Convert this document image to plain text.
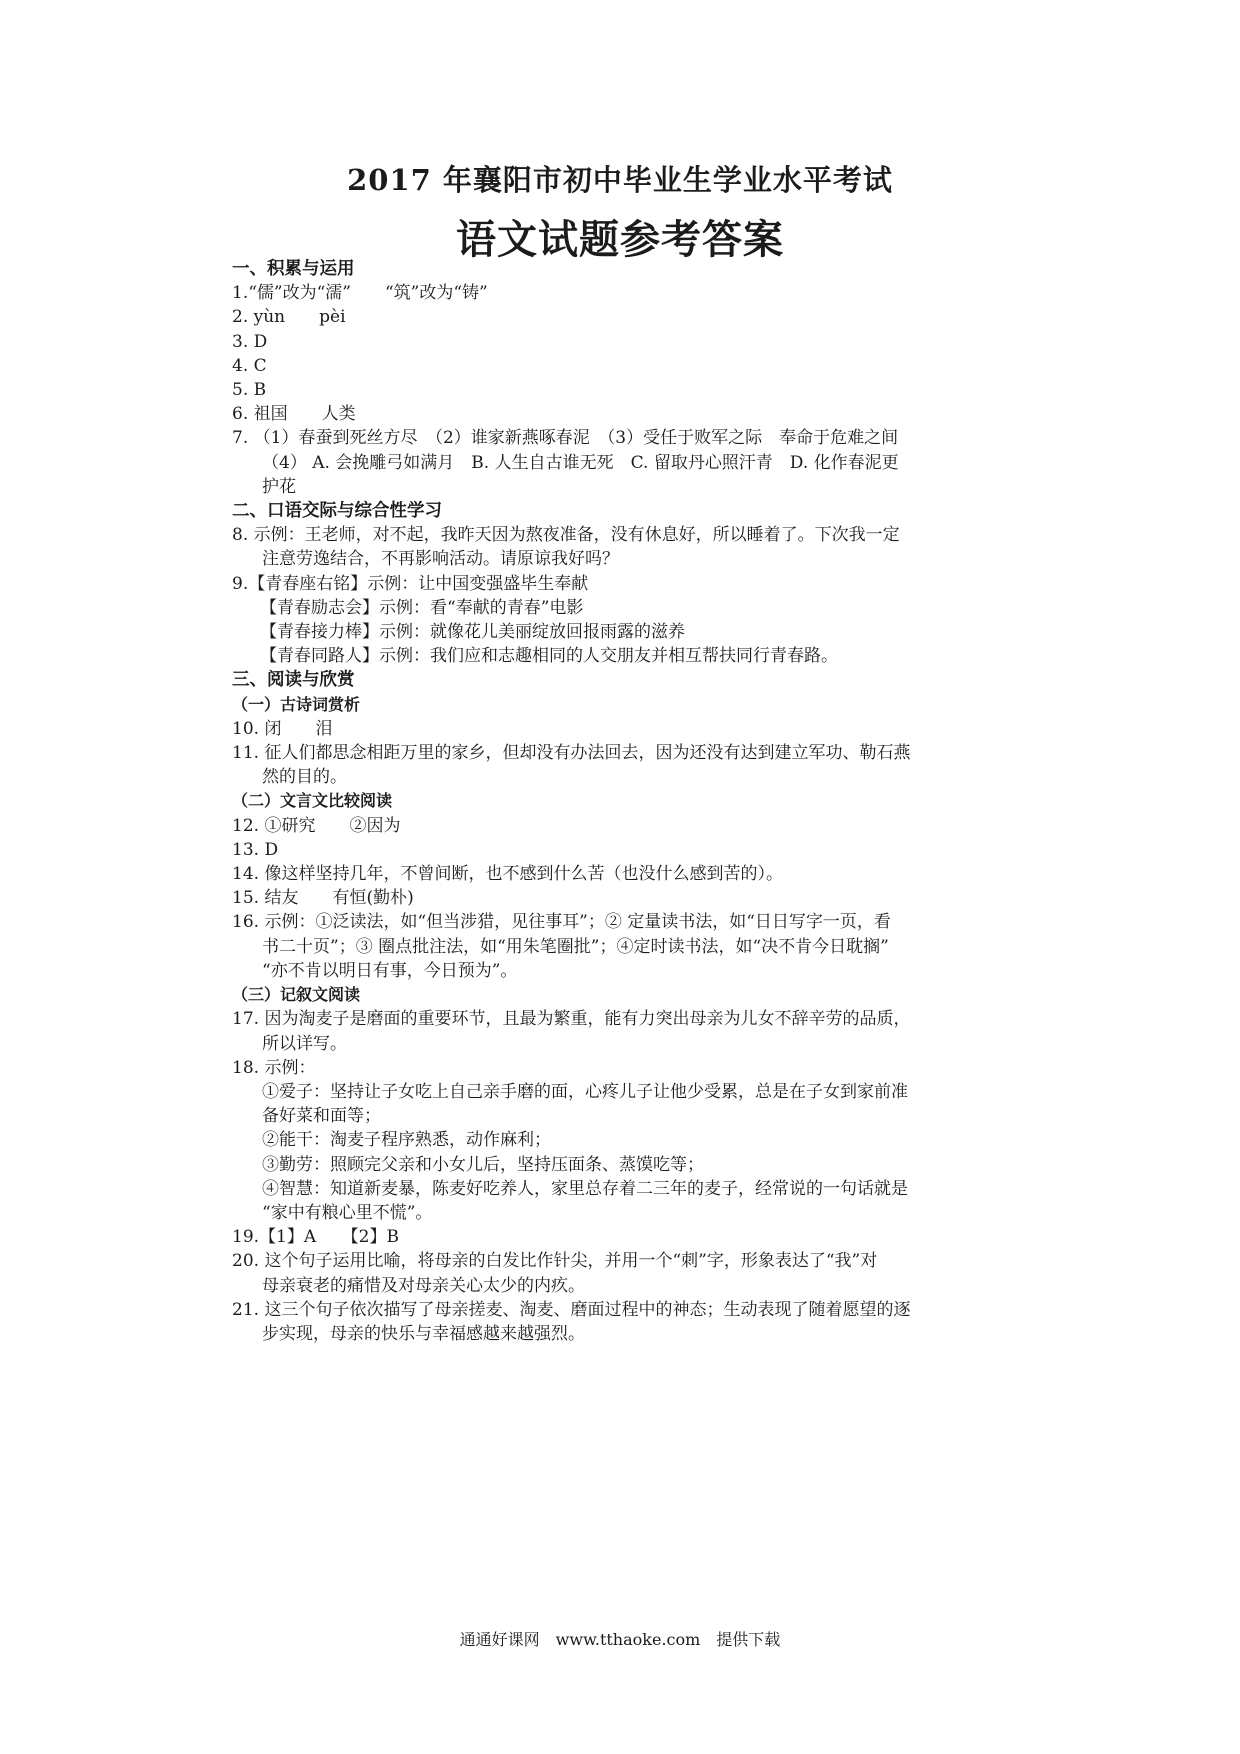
2017 年襄阳市初中毕业生学业水平考试
语文试题参考答案
一、积累与运用
1.“儒”改为“濡”　　“筑”改为“铸”
2. yùn　　pèi
3. D
4. C
5. B
6. 祖国　　人类
7. （1）春蚕到死丝方尽　（2）谁家新燕啄春泥　（3）受任于败军之际　奉命于危难之间
（4） A. 会挽雕弓如满月　B. 人生自古谁无死　C. 留取丹心照汗青　D. 化作春泥更
护花
二、口语交际与综合性学习
8. 示例：王老师，对不起，我昨天因为熬夜准备，没有休息好，所以睡着了。下次我一定
注意劳逸结合，不再影响活动。请原谅我好吗？
9.【青春座右铭】示例：让中国变强盛毕生奉献
【青春励志会】示例：看“奉献的青春”电影
【青春接力棒】示例：就像花儿美丽绽放回报雨露的滋养
【青春同路人】示例：我们应和志趣相同的人交朋友并相互帮扶同行青春路。
三、阅读与欣赏
（一）古诗词赏析
10. 闭　　泪
11. 征人们都思念相距万里的家乡，但却没有办法回去，因为还没有达到建立军功、勒石燕
然的目的。
（二）文言文比较阅读
12. ①研究　　②因为
13. D
14. 像这样坚持几年，不曾间断，也不感到什么苦（也没什么感到苦的）。
15. 结友　　有恒(勤朴)
16. 示例：①泛读法，如“但当涉猎，见往事耳”；② 定量读书法，如“日日写字一页，看
书二十页”；③ 圈点批注法，如“用朱笔圈批”；④定时读书法，如“决不肯今日耽搁”
“亦不肯以明日有事，今日预为”。
（三）记叙文阅读
17. 因为淘麦子是磨面的重要环节，且最为繁重，能有力突出母亲为儿女不辞辛劳的品质，
所以详写。
18. 示例：
①爱子：坚持让子女吃上自己亲手磨的面，心疼儿子让他少受累，总是在子女到家前准
备好菜和面等；
②能干：淘麦子程序熟悉，动作麻利；
③勤劳：照顾完父亲和小女儿后，坚持压面条、蒸馍吃等；
④智慧：知道新麦暴，陈麦好吃养人，家里总存着二三年的麦子，经常说的一句话就是
“家中有粮心里不慌”。
19.【1】A　　【2】B
20. 这个句子运用比喻，将母亲的白发比作针尖，并用一个“刺”字，形象表达了“我”对
母亲衰老的痛惜及对母亲关心太少的内疚。
21. 这三个句子依次描写了母亲搓麦、淘麦、磨面过程中的神态；生动表现了随着愿望的逐
步实现，母亲的快乐与幸福感越来越强烈。
通通好课网　www.tthaoke.com　提供下载
